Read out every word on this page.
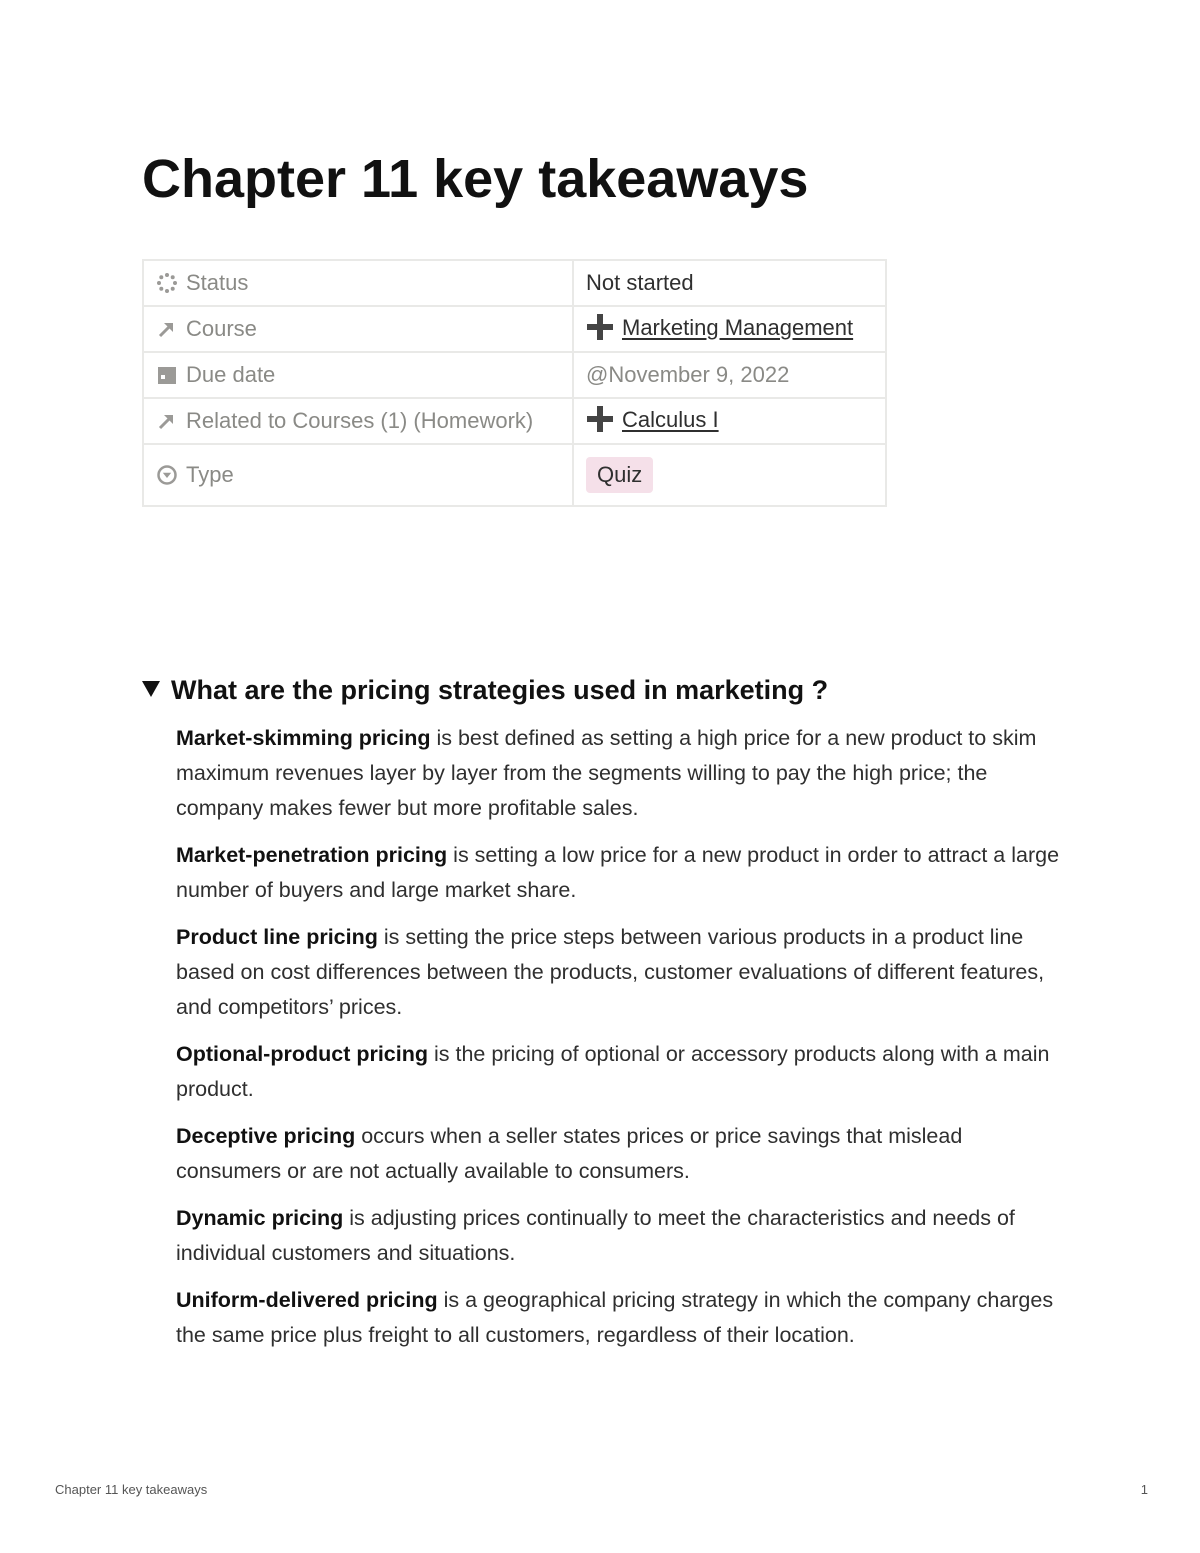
Chapter 11 key takeaways
Status	Not started

Course	Marketing Management

Due date	@November 9, 2022

Related to Courses (1) (Homework)	Calculus I

Type	Quiz
What are the pricing strategies used in marketing ?

Market-skimming pricing is best defined as setting a high price for a new product to skim maximum revenues layer by layer from the segments willing to pay the high price; the company makes fewer but more profitable sales.

Market-penetration pricing is setting a low price for a new product in order to attract a large number of buyers and large market share.

Product line pricing is setting the price steps between various products in a product line based on cost differences between the products, customer evaluations of different features, and competitors’ prices.

Optional-product pricing is the pricing of optional or accessory products along with a main product.

Deceptive pricing occurs when a seller states prices or price savings that mislead consumers or are not actually available to consumers.

Dynamic pricing is adjusting prices continually to meet the characteristics and needs of individual customers and situations.

Uniform-delivered pricing is a geographical pricing strategy in which the company charges the same price plus freight to all customers, regardless of their location.

Chapter 11 key takeaways	1
